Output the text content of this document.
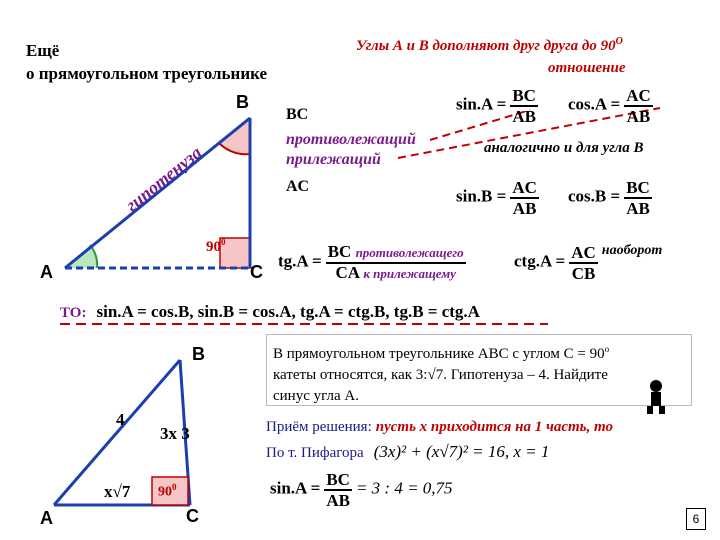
Ещё
о прямоугольном треугольнике
Углы А и В дополняют друг друга до $90^О$
отношение
гипотенуза
B
A	C
$90^0$
BC
противолежащий
прилежащий
AC
$\sin.A = \frac{BC}{AB} \cos.A = \frac{AC}{AB}$
аналогично и для угла В
$\sin.B = \frac{AC}{AB} \cos.B = \frac{BC}{AB}$
$tg.A = \frac{\text{BC противолежащего}}{\text{CA к прилежащему}}$	$ctg.A = \frac{AC}{CB}$ наоборот
ТО: sin.A = cos.B, sin.B = cos.A, tg.A = ctg.B, tg.B = ctg.A
B
A	C
4
3x 3
x√7 $90^0$
В прямоугольном треугольнике АВС с углом $С = 90^о$
катеты относятся, как 3:√7. Гипотенуза – 4. Найдите
синус угла А.
Приём решения: пусть x приходится на 1 часть, то
По т. Пифагора (3x)² + (x√7)² = 16, x = 1
$\sin.A = \frac{BC}{AB} = 3$ : 4 = 0,75
6
